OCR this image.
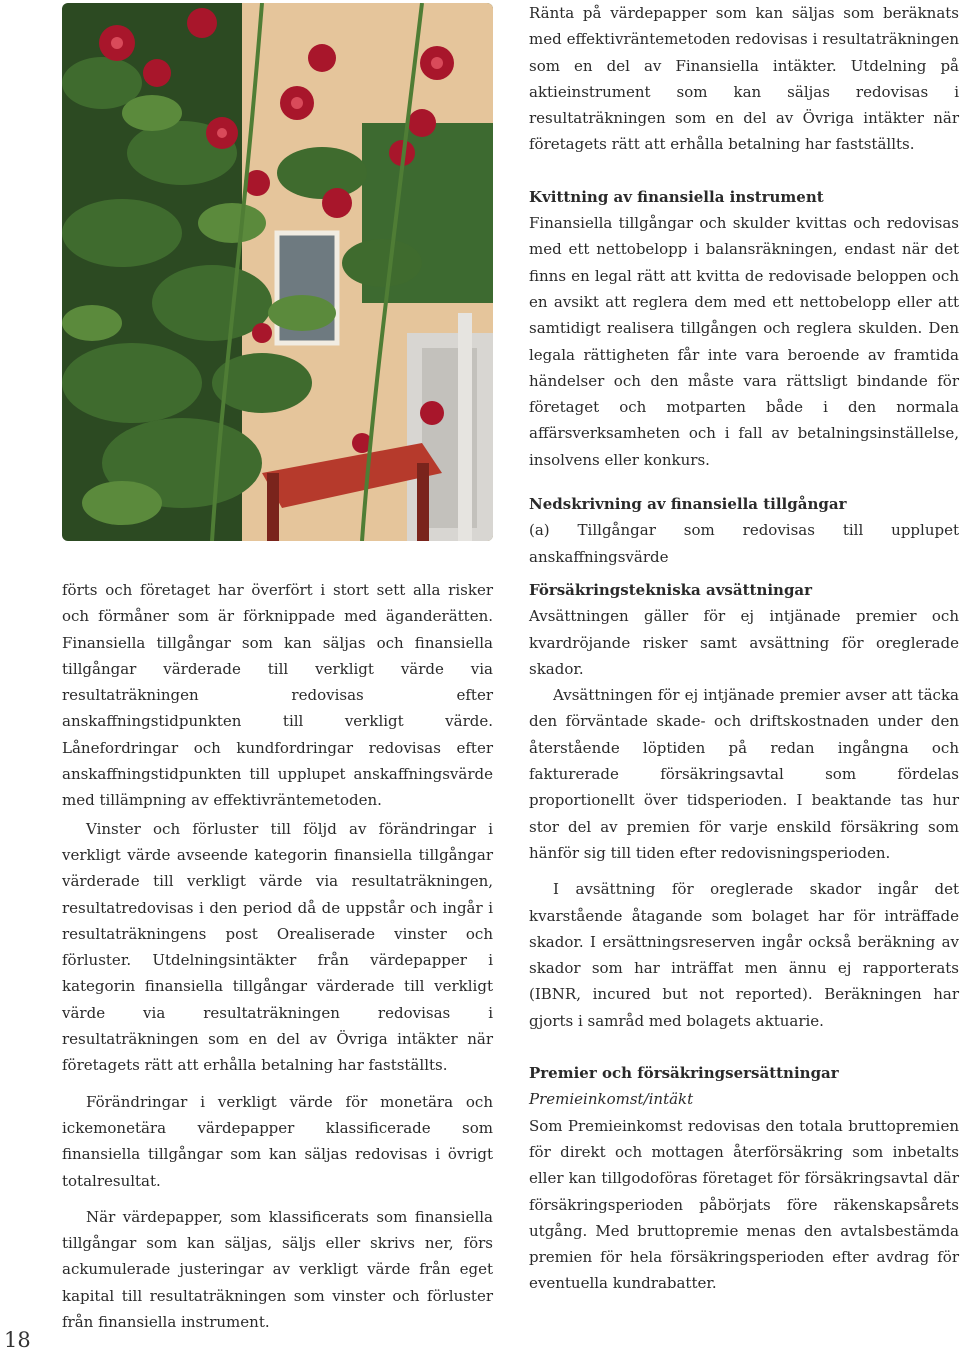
Ränta på värdepapper som kan säljas som beräknats med effektivräntemetoden redovisas i resultaträkningen som en del av Finansiella intäkter. Utdelning på aktieinstrument som kan säljas redovisas i resultaträkningen som en del av Övriga intäkter när företagets rätt att erhålla betalning har fastställts.

Kvittning av finansiella instrument

Finansiella tillgångar och skulder kvittas och redovisas med ett nettobelopp i balansräkningen, endast när det finns en legal rätt att kvitta de redovisade beloppen och en avsikt att reglera dem med ett nettobelopp eller att samtidigt realisera tillgången och reglera skulden. Den legala rättigheten får inte vara beroende av framtida händelser och den måste vara rättsligt bindande för företaget och motparten både i den normala affärsverksamheten och i fall av betalningsinställelse, insolvens eller konkurs.

Nedskrivning av finansiella tillgångar

(a) Tillgångar som redovisas till upplupet anskaffningsvärde

förts och företaget har överfört i stort sett alla risker och förmåner som är förknippade med äganderätten. Finansiella tillgångar som kan säljas och finansiella tillgångar värderade till verkligt värde via resultaträkningen redovisas efter anskaffningstidpunkten till verkligt värde. Lånefordringar och kundfordringar redovisas efter anskaffningstidpunkten till upplupet anskaffningsvärde med tillämpning av effektivräntemetoden.

Vinster och förluster till följd av förändringar i verkligt värde avseende kategorin finansiella tillgångar värderade till verkligt värde via resultaträkningen, resultatredovisas i den period då de uppstår och ingår i resultaträkningens post Orealiserade vinster och förluster. Utdelningsintäkter från värdepapper i kategorin finansiella tillgångar värderade till verkligt värde via resultaträkningen redovisas i resultaträkningen som en del av Övriga intäkter när företagets rätt att erhålla betalning har fastställts.

Förändringar i verkligt värde för monetära och ickemonetära värdepapper klassificerade som finansiella tillgångar som kan säljas redovisas i övrigt totalresultat.

När värdepapper, som klassificerats som finansiella tillgångar som kan säljas, säljs eller skrivs ner, förs ackumulerade justeringar av verkligt värde från eget kapital till resultaträkningen som vinster och förluster från finansiella instrument.

Försäkringstekniska avsättningar

Avsättningen gäller för ej intjänade premier och kvardröjande risker samt avsättning för oreglerade skador.

Avsättningen för ej intjänade premier avser att täcka den förväntade skade- och driftskostnaden under den återstående löptiden på redan ingångna och fakturerade försäkringsavtal som fördelas proportionellt över tidsperioden. I beaktande tas hur stor del av premien för varje enskild försäkring som hänför sig till tiden efter redovisningsperioden.

I avsättning för oreglerade skador ingår det kvarstående åtagande som bolaget har för inträffade skador. I ersättningsreserven ingår också beräkning av skador som har inträffat men ännu ej rapporterats (IBNR, incured but not reported). Beräkningen har gjorts i samråd med bolagets aktuarie.

Premier och försäkringsersättningar

Premieinkomst/intäkt

Som Premieinkomst redovisas den totala bruttopremien för direkt och mottagen återförsäkring som inbetalts eller kan tillgodoföras företaget för försäkringsavtal där försäkringsperioden påbörjats före räkenskapsårets utgång. Med bruttopremie menas den avtalsbestämda premien för hela försäkringsperioden efter avdrag för eventuella kundrabatter.

18
